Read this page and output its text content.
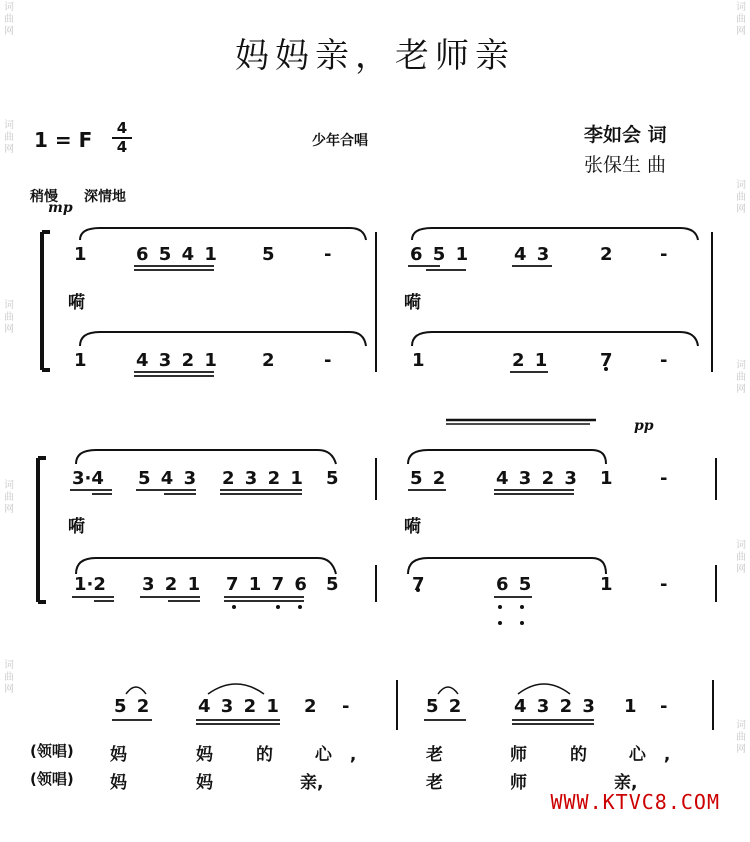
妈妈亲，老师亲
1 = F $\frac{4}{4}$	少年合唱	李如会 词
张保生 曲
稍慢 深情地
mp
pp
1	6 5 4 1 5	-	6 5 1 4 3	2	-
嗬	嗬
1	4 3 2 1 2	-	1	2 1	7	-
3·4 5 4 3 2 3 2 1 5	5 2	4 3 2 3 1	-
嗬	嗬
1·2 3 2 1 7 1 7 6 5	7	6 5	1	-
5 2	4 3 2 1 2 -	5 2	4 3 2 3 1 -
(领唱) 妈	妈	的 心,	老	师	的 心,
(领唱) 妈	妈	亲,	老	师	亲,
词
曲
网
词
曲
网
词
曲
网
词
曲
网
词
曲
网
词
曲
网
词
曲
网
词
曲
网
词
曲
网
词
曲
网
WWW.KTVC8.COM
